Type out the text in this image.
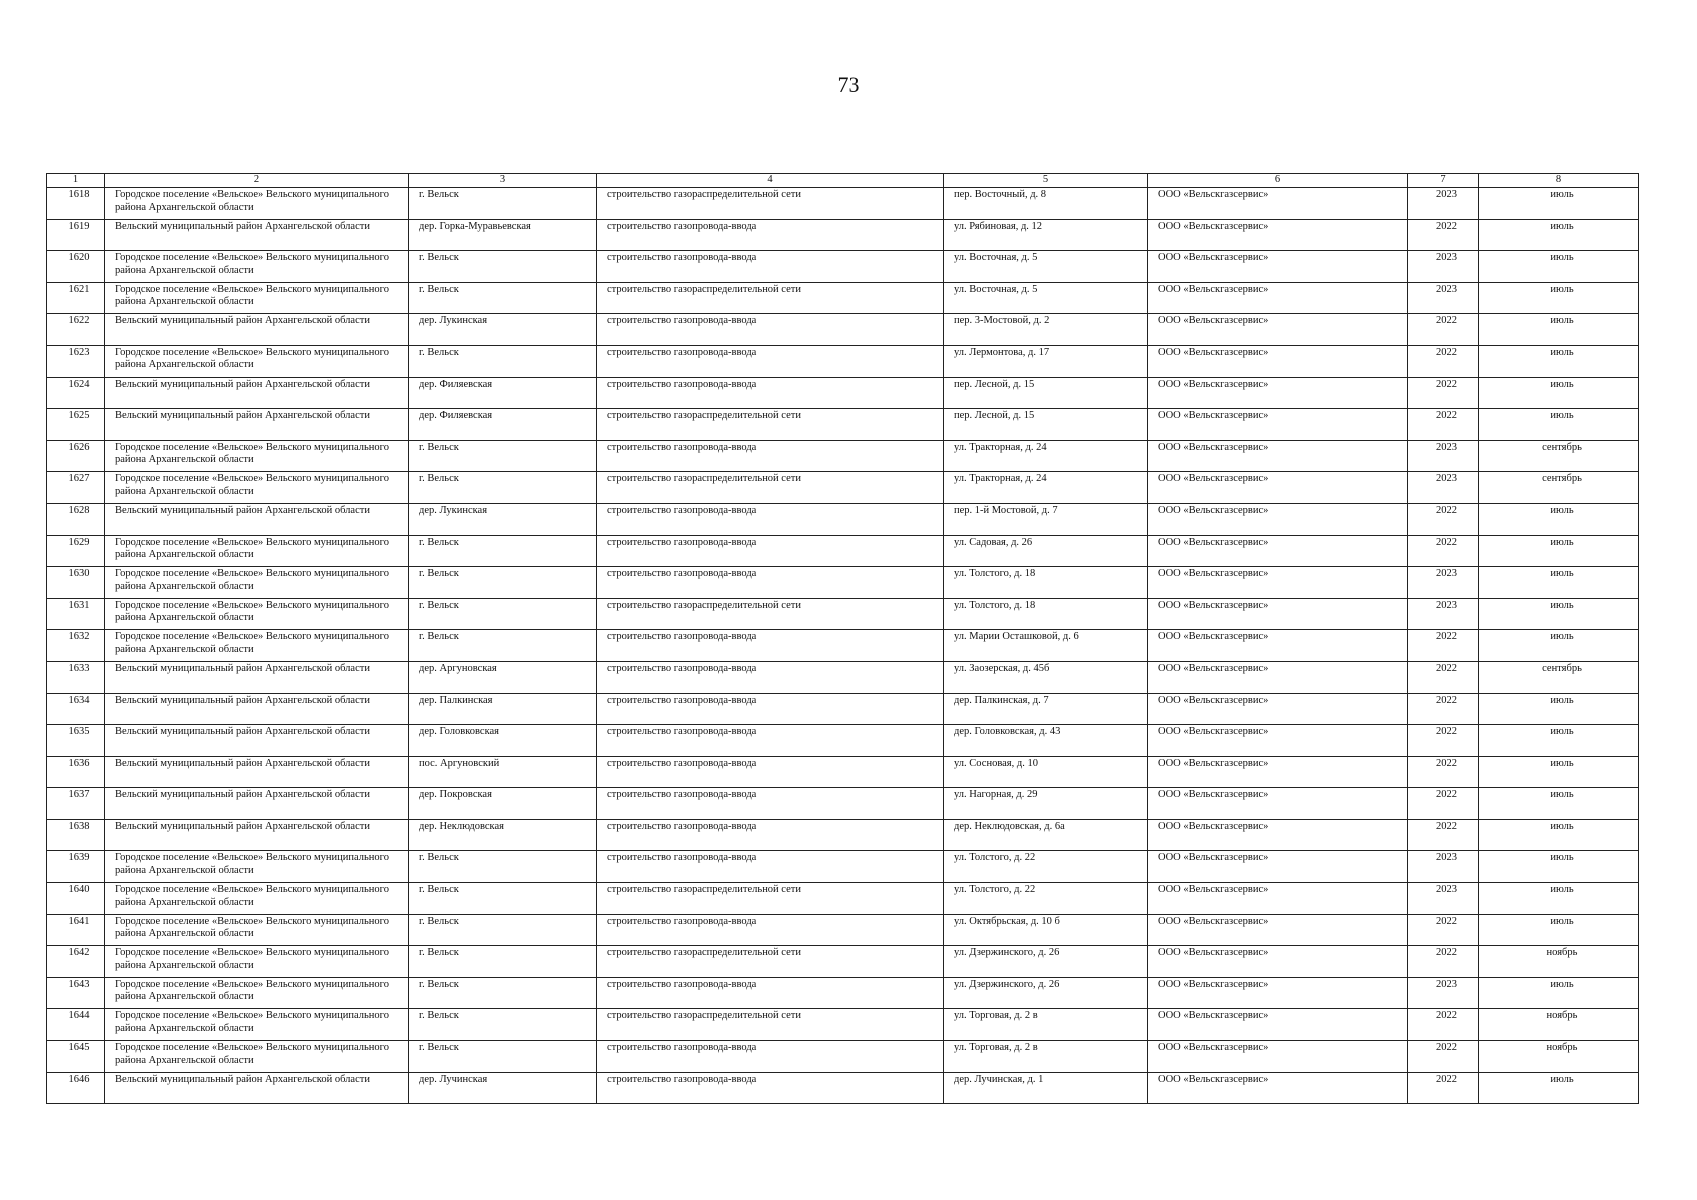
73
1	2	3	4	5	6	7	8
1618	Городское поселение «Вельское» Вельского муниципального района Архангельской области	г. Вельск	строительство газораспределительной сети	пер. Восточный, д. 8	ООО «Вельскгазсервис»	2023	июль
1619	Вельский муниципальный район Архангельской области	дер. Горка-Муравьевская	строительство газопровода-ввода	ул. Рябиновая, д. 12	ООО «Вельскгазсервис»	2022	июль
1620	Городское поселение «Вельское» Вельского муниципального района Архангельской области	г. Вельск	строительство газопровода-ввода	ул. Восточная, д. 5	ООО «Вельскгазсервис»	2023	июль
1621	Городское поселение «Вельское» Вельского муниципального района Архангельской области	г. Вельск	строительство газораспределительной сети	ул. Восточная, д. 5	ООО «Вельскгазсервис»	2023	июль
1622	Вельский муниципальный район Архангельской области	дер. Лукинская	строительство газопровода-ввода	пер. 3-Мостовой, д. 2	ООО «Вельскгазсервис»	2022	июль
1623	Городское поселение «Вельское» Вельского муниципального района Архангельской области	г. Вельск	строительство газопровода-ввода	ул. Лермонтова, д. 17	ООО «Вельскгазсервис»	2022	июль
1624	Вельский муниципальный район Архангельской области	дер. Филяевская	строительство газопровода-ввода	пер. Лесной, д. 15	ООО «Вельскгазсервис»	2022	июль
1625	Вельский муниципальный район Архангельской области	дер. Филяевская	строительство газораспределительной сети	пер. Лесной, д. 15	ООО «Вельскгазсервис»	2022	июль
1626	Городское поселение «Вельское» Вельского муниципального района Архангельской области	г. Вельск	строительство газопровода-ввода	ул. Тракторная, д. 24	ООО «Вельскгазсервис»	2023	сентябрь
1627	Городское поселение «Вельское» Вельского муниципального района Архангельской области	г. Вельск	строительство газораспределительной сети	ул. Тракторная, д. 24	ООО «Вельскгазсервис»	2023	сентябрь
1628	Вельский муниципальный район Архангельской области	дер. Лукинская	строительство газопровода-ввода	пер. 1-й Мостовой, д. 7	ООО «Вельскгазсервис»	2022	июль
1629	Городское поселение «Вельское» Вельского муниципального района Архангельской области	г. Вельск	строительство газопровода-ввода	ул. Садовая, д. 26	ООО «Вельскгазсервис»	2022	июль
1630	Городское поселение «Вельское» Вельского муниципального района Архангельской области	г. Вельск	строительство газопровода-ввода	ул. Толстого, д. 18	ООО «Вельскгазсервис»	2023	июль
1631	Городское поселение «Вельское» Вельского муниципального района Архангельской области	г. Вельск	строительство газораспределительной сети	ул. Толстого, д. 18	ООО «Вельскгазсервис»	2023	июль
1632	Городское поселение «Вельское» Вельского муниципального района Архангельской области	г. Вельск	строительство газопровода-ввода	ул. Марии Осташковой, д. 6	ООО «Вельскгазсервис»	2022	июль
1633	Вельский муниципальный район Архангельской области	дер. Аргуновская	строительство газопровода-ввода	ул. Заозерская, д. 45б	ООО «Вельскгазсервис»	2022	сентябрь
1634	Вельский муниципальный район Архангельской области	дер. Палкинская	строительство газопровода-ввода	дер. Палкинская, д. 7	ООО «Вельскгазсервис»	2022	июль
1635	Вельский муниципальный район Архангельской области	дер. Головковская	строительство газопровода-ввода	дер. Головковская, д. 43	ООО «Вельскгазсервис»	2022	июль
1636	Вельский муниципальный район Архангельской области	пос. Аргуновский	строительство газопровода-ввода	ул. Сосновая, д. 10	ООО «Вельскгазсервис»	2022	июль
1637	Вельский муниципальный район Архангельской области	дер. Покровская	строительство газопровода-ввода	ул. Нагорная, д. 29	ООО «Вельскгазсервис»	2022	июль
1638	Вельский муниципальный район Архангельской области	дер. Неклюдовская	строительство газопровода-ввода	дер. Неклюдовская, д. 6а	ООО «Вельскгазсервис»	2022	июль
1639	Городское поселение «Вельское» Вельского муниципального района Архангельской области	г. Вельск	строительство газопровода-ввода	ул. Толстого, д. 22	ООО «Вельскгазсервис»	2023	июль
1640	Городское поселение «Вельское» Вельского муниципального района Архангельской области	г. Вельск	строительство газораспределительной сети	ул. Толстого, д. 22	ООО «Вельскгазсервис»	2023	июль
1641	Городское поселение «Вельское» Вельского муниципального района Архангельской области	г. Вельск	строительство газопровода-ввода	ул. Октябрьская, д. 10 б	ООО «Вельскгазсервис»	2022	июль
1642	Городское поселение «Вельское» Вельского муниципального района Архангельской области	г. Вельск	строительство газораспределительной сети	ул. Дзержинского, д. 26	ООО «Вельскгазсервис»	2022	ноябрь
1643	Городское поселение «Вельское» Вельского муниципального района Архангельской области	г. Вельск	строительство газопровода-ввода	ул. Дзержинского, д. 26	ООО «Вельскгазсервис»	2023	июль
1644	Городское поселение «Вельское» Вельского муниципального района Архангельской области	г. Вельск	строительство газораспределительной сети	ул. Торговая, д. 2 в	ООО «Вельскгазсервис»	2022	ноябрь
1645	Городское поселение «Вельское» Вельского муниципального района Архангельской области	г. Вельск	строительство газопровода-ввода	ул. Торговая, д. 2 в	ООО «Вельскгазсервис»	2022	ноябрь
1646	Вельский муниципальный район Архангельской области	дер. Лучинская	строительство газопровода-ввода	дер. Лучинская, д. 1	ООО «Вельскгазсервис»	2022	июль
